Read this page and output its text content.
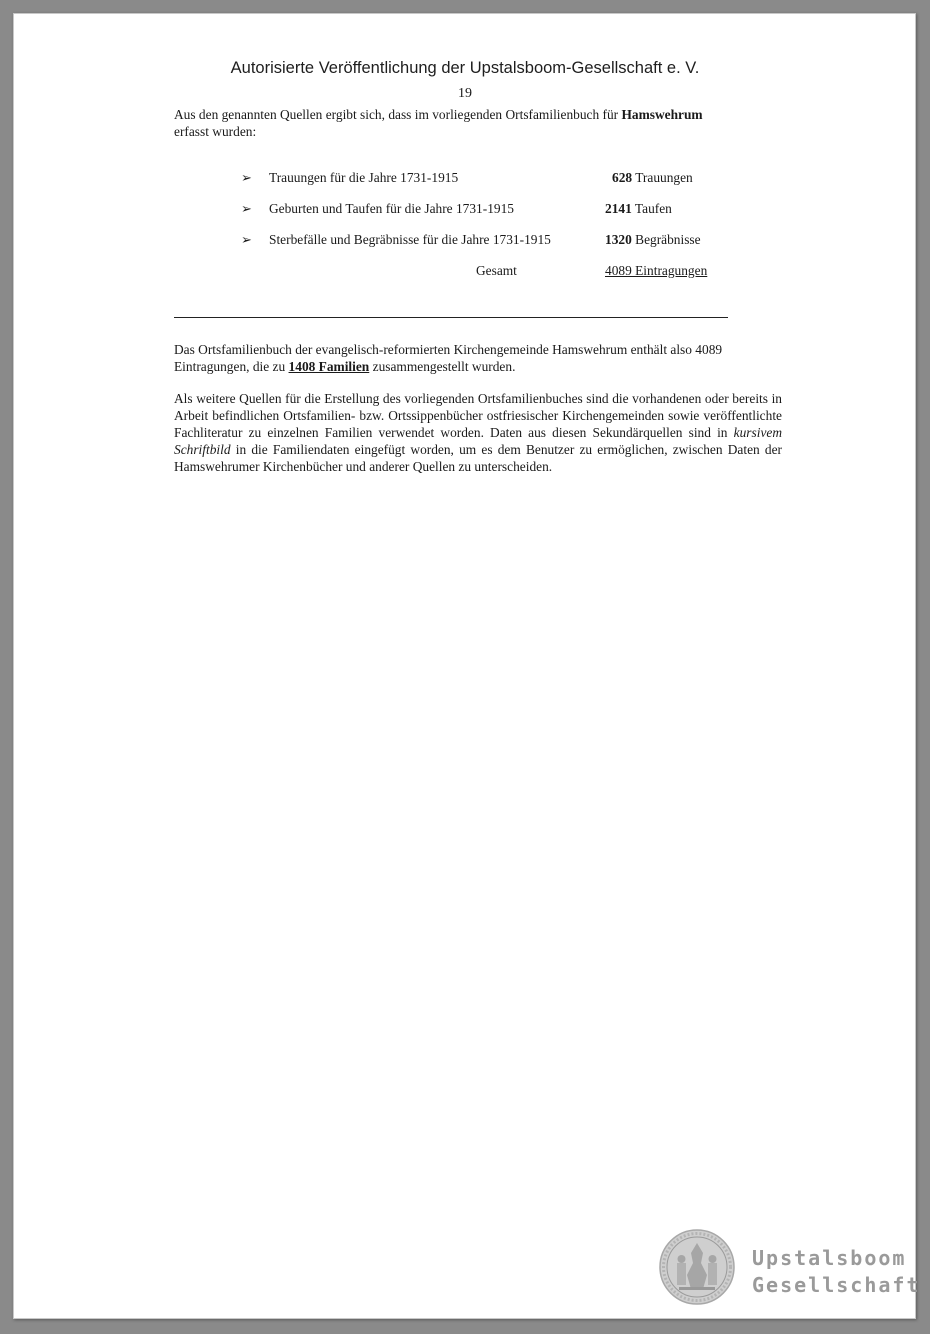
Autorisierte Veröffentlichung der Upstalsboom-Gesellschaft e. V.
19
Aus den genannten Quellen ergibt sich, dass im vorliegenden Ortsfamilienbuch für Hamswehrum
erfasst wurden:
➢ Trauungen für die Jahre 1731-1915	628 Trauungen
➢ Geburten und Taufen für die Jahre 1731-1915	2141 Taufen
➢ Sterbefälle und Begräbnisse für die Jahre 1731-1915	1320 Begräbnisse
Gesamt	4089 Eintragungen
Das Ortsfamilienbuch der evangelisch-reformierten Kirchengemeinde Hamswehrum enthält also 4089
Eintragungen, die zu 1408 Familien zusammengestellt wurden.
Als weitere Quellen für die Erstellung des vorliegenden Ortsfamilienbuches sind die vorhandenen oder bereits in Arbeit befindlichen Ortsfamilien- bzw. Ortssippenbücher ostfriesischer Kirchengemeinden sowie veröffentlichte Fachliteratur zu einzelnen Familien verwendet worden. Daten aus diesen Sekundärquellen sind in kursivem Schriftbild in die Familiendaten eingefügt worden, um es dem Benutzer zu ermöglichen, zwischen Daten der Hamswehrumer Kirchenbücher und anderer Quellen zu unterscheiden.
Upstalsboom
Gesellschaft
